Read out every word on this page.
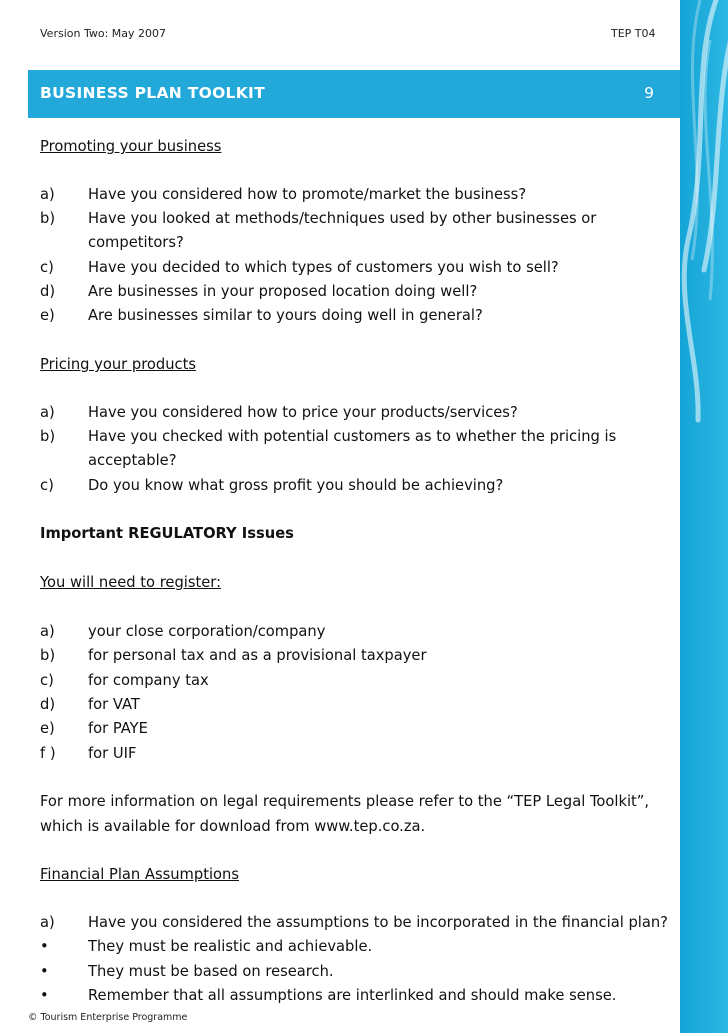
Version Two: May 2007	TEP T04
BUSINESS PLAN TOOLKIT	9
Promoting your business
a) Have you considered how to promote/market the business?
b) Have you looked at methods/techniques used by other businesses or
competitors?
c) Have you decided to which types of customers you wish to sell?
d) Are businesses in your proposed location doing well?
e) Are businesses similar to yours doing well in general?
Pricing your products
a) Have you considered how to price your products/services?
b) Have you checked with potential customers as to whether the pricing is
acceptable?
c) Do you know what gross profit you should be achieving?
Important REGULATORY Issues
You will need to register:
a) your close corporation/company
b) for personal tax and as a provisional taxpayer
c) for company tax
d) for VAT
e) for PAYE
f ) for UIF
For more information on legal requirements please refer to the “TEP Legal Toolkit”,
which is available for download from www.tep.co.za.
Financial Plan Assumptions
a) Have you considered the assumptions to be incorporated in the financial plan?
•	They must be realistic and achievable.
•	They must be based on research.
•	Remember that all assumptions are interlinked and should make sense.
© Tourism Enterprise Programme
